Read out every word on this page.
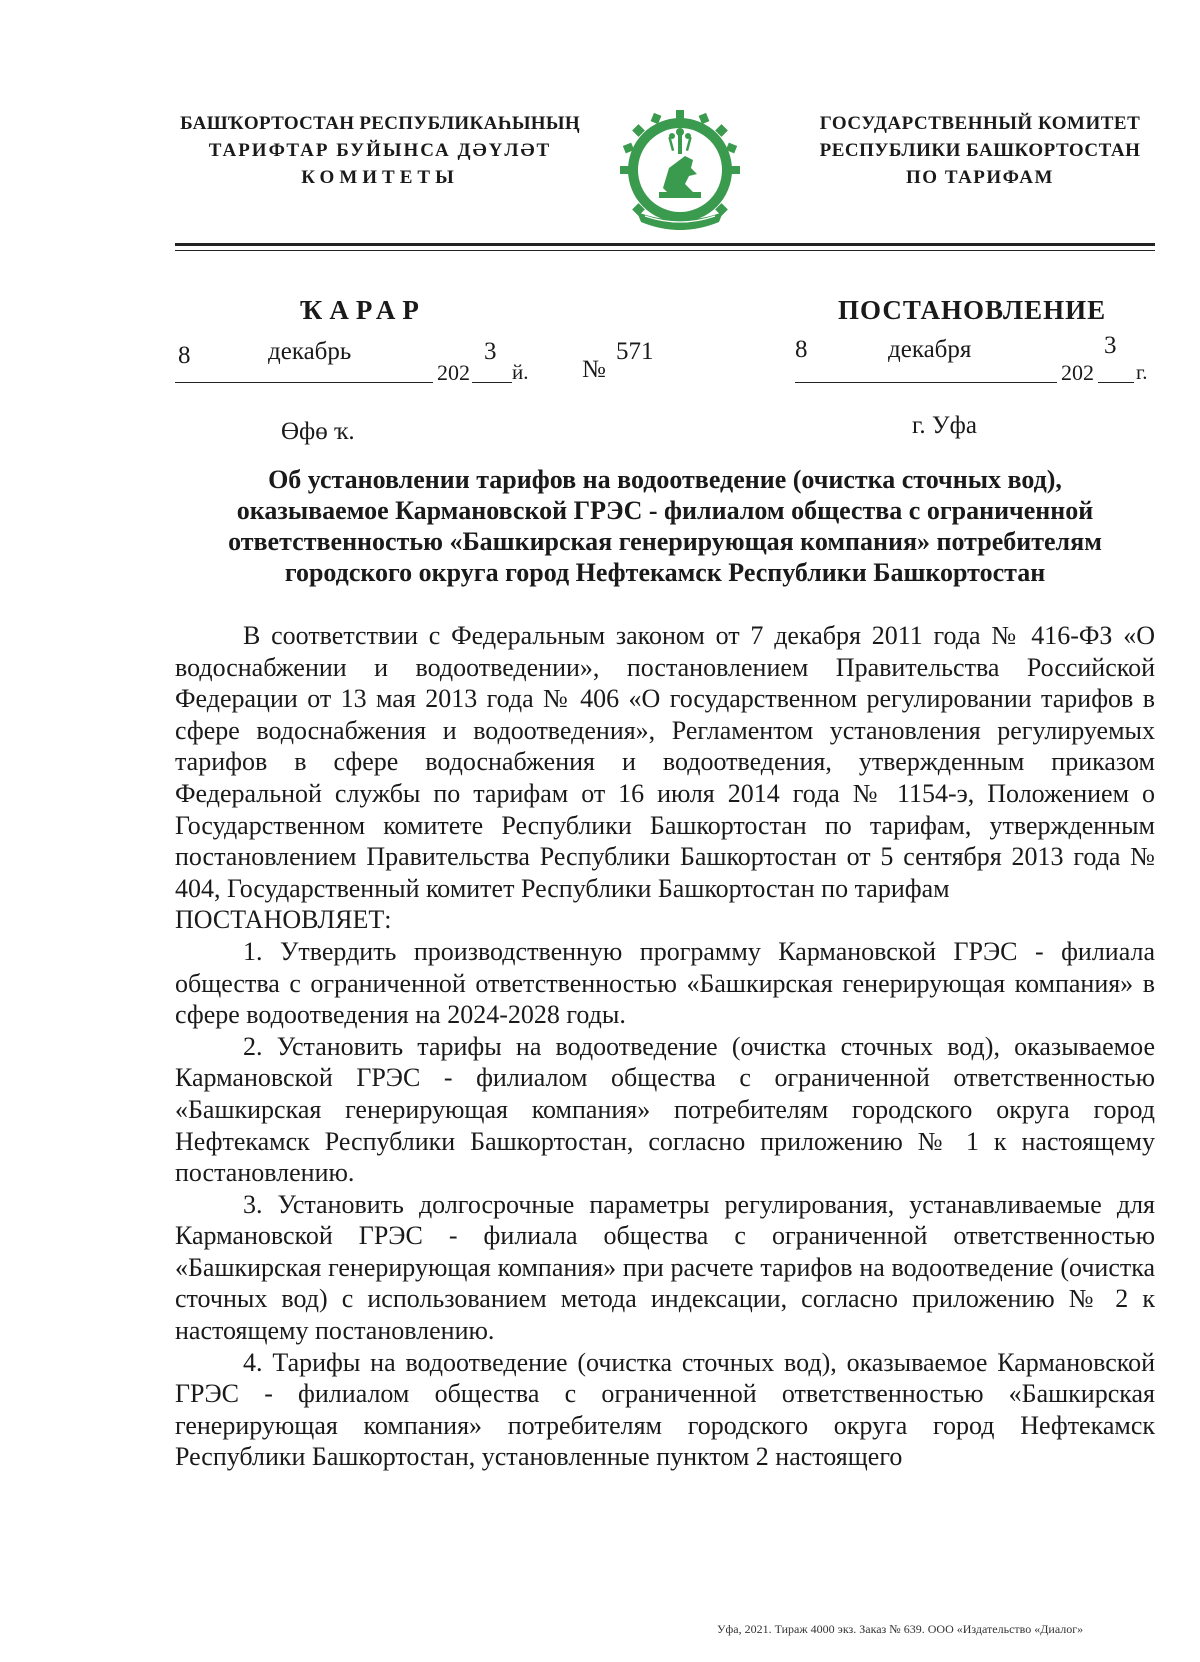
БАШҠОРТОСТАН РЕСПУБЛИКАҺЫНЫҢ
ТАРИФТАР БУЙЫНСА ДӘҮЛӘТ
КОМИТЕТЫ
ГОСУДАРСТВЕННЫЙ КОМИТЕТ
РЕСПУБЛИКИ БАШКОРТОСТАН
ПО ТАРИФАМ
ҠАРАР	ПОСТАНОВЛЕНИЕ
8	декабрь
202
3
й. №
571	8	декабря
202
3
г.
Өфө ҡ.	г. Уфа
Об установлении тарифов на водоотведение (очистка сточных вод),
оказываемое Кармановской ГРЭС - филиалом общества с ограниченной
ответственностью «Башкирская генерирующая компания» потребителям
городского округа город Нефтекамск Республики Башкортостан

В соответствии с Федеральным законом от 7 декабря 2011 года № 416-ФЗ «О водоснабжении и водоотведении», постановлением Правительства Российской Федерации от 13 мая 2013 года № 406 «О государственном регулировании тарифов в сфере водоснабжения и водоотведения», Регламентом установления регулируемых тарифов в сфере водоснабжения и водоотведения, утвержденным приказом Федеральной службы по тарифам от 16 июля 2014 года № 1154-э, Положением о Государственном комитете Республики Башкортостан по тарифам, утвержденным постановлением Правительства Республики Башкортостан от 5 сентября 2013 года № 404, Государственный комитет Республики Башкортостан по тарифам

ПОСТАНОВЛЯЕТ:

1. Утвердить производственную программу Кармановской ГРЭС - филиала общества с ограниченной ответственностью «Башкирская генерирующая компания» в сфере водоотведения на 2024-2028 годы.

2. Установить тарифы на водоотведение (очистка сточных вод), оказываемое Кармановской ГРЭС - филиалом общества с ограниченной ответственностью «Башкирская генерирующая компания» потребителям городского округа город Нефтекамск Республики Башкортостан, согласно приложению № 1 к настоящему постановлению.

3. Установить долгосрочные параметры регулирования, устанавливаемые для Кармановской ГРЭС - филиала общества с ограниченной ответственностью «Башкирская генерирующая компания» при расчете тарифов на водоотведение (очистка сточных вод) с использованием метода индексации, согласно приложению № 2 к настоящему постановлению.

4. Тарифы на водоотведение (очистка сточных вод), оказываемое Кармановской ГРЭС - филиалом общества с ограниченной ответственностью «Башкирская генерирующая компания» потребителям городского округа город Нефтекамск Республики Башкортостан, установленные пунктом 2 настоящего

Уфа, 2021. Тираж 4000 экз. Заказ № 639. ООО «Издательство «Диалог»
